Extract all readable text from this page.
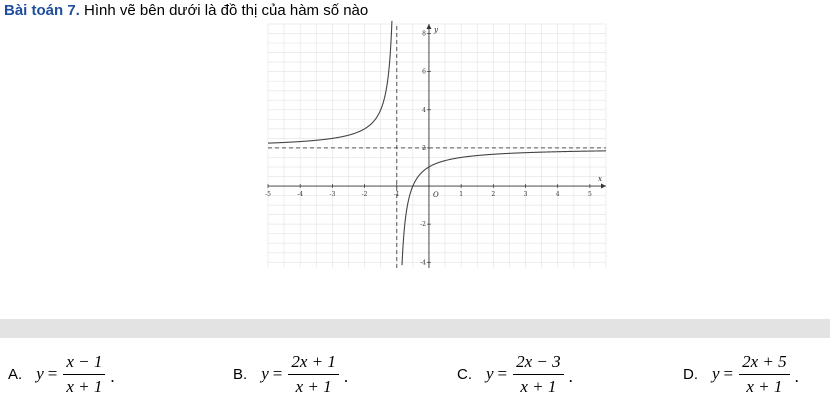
Bài toán 7. Hình vẽ bên dưới là đồ thị của hàm số nào
-5	-4	-3	-2	-1	1	2	3	4	5
8
6
4
2
-2
-4
O
x
y
A. $y = \frac{x - 1}{x + 1}$ .	B. $y = \frac{2x + 1}{x + 1}$ .	C. $y = \frac{2x - 3}{x + 1}$ .	D. $y = \frac{2x + 5}{x + 1}$ .
